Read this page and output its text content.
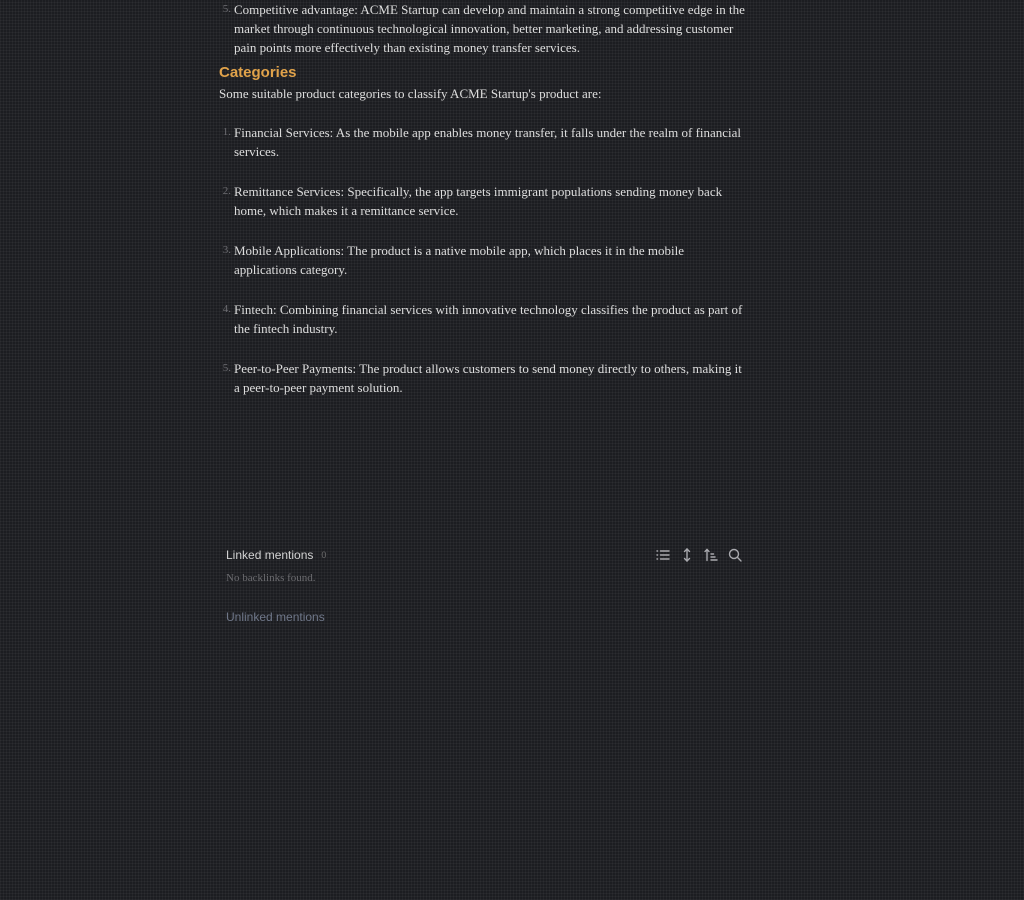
5. Competitive advantage: ACME Startup can develop and maintain a strong competitive edge in the market through continuous technological innovation, better marketing, and addressing customer pain points more effectively than existing money transfer services.
Categories
Some suitable product categories to classify ACME Startup's product are:
1. Financial Services: As the mobile app enables money transfer, it falls under the realm of financial services.
2. Remittance Services: Specifically, the app targets immigrant populations sending money back home, which makes it a remittance service.
3. Mobile Applications: The product is a native mobile app, which places it in the mobile applications category.
4. Fintech: Combining financial services with innovative technology classifies the product as part of the fintech industry.
5. Peer-to-Peer Payments: The product allows customers to send money directly to others, making it a peer-to-peer payment solution.
Linked mentions 0
No backlinks found.
Unlinked mentions
